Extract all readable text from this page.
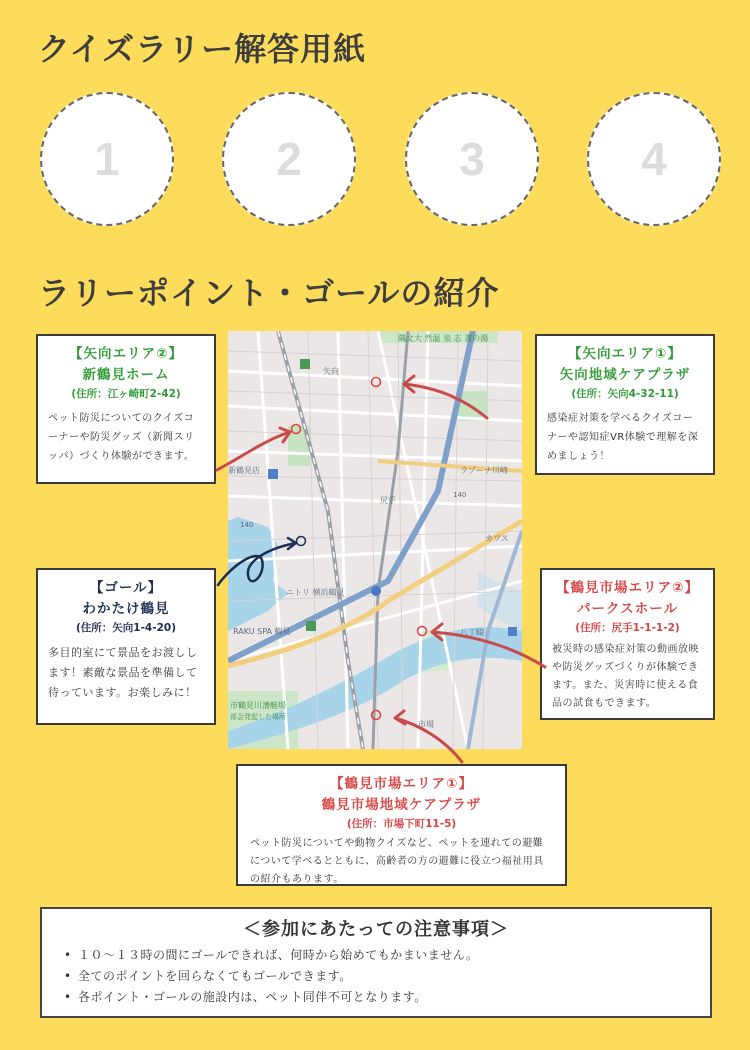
クイズラリー解答用紙
1	2	3	4
ラリーポイント・ゴールの紹介
隅文大 然温 泉 志 書の湯
矢向
新鶴見店	ラゾーナ川崎
尻手
カワス
140
140
ニトリ 横浜鶴見
RAKU SPA 鶴見	八丁畷
市鶴見川漕艇場
部会発起した場所
市場
【矢向エリア②】
新鶴見ホーム
(住所：江ヶ崎町2-42)
ペット防災についてのクイズコーナーや防災グッズ（新聞スリッパ）づくり体験ができます。
【矢向エリア①】
矢向地域ケアプラザ
(住所：矢向4-32-11)
感染症対策を学べるクイズコーナーや認知症VR体験で理解を深めましょう！
【ゴール】
わかたけ鶴見
(住所：矢向1-4-20)
多目的室にて景品をお渡しします！素敵な景品を準備して待っています。お楽しみに！
【鶴見市場エリア②】
パークスホール
(住所：尻手1-1-1-2)
被災時の感染症対策の動画放映や防災グッズづくりが体験できます。また、災害時に使える食品の試食もできます。
【鶴見市場エリア①】
鶴見市場地域ケアプラザ
(住所：市場下町11-5)
ペット防災についてや動物クイズなど、ペットを連れての避難について学べるとともに、高齢者の方の避難に役立つ福祉用具の紹介もあります。
＜参加にあたっての注意事項＞
• １０～１３時の間にゴールできれば、何時から始めてもかまいません。
• 全てのポイントを回らなくてもゴールできます。
• 各ポイント・ゴールの施設内は、ペット同伴不可となります。
